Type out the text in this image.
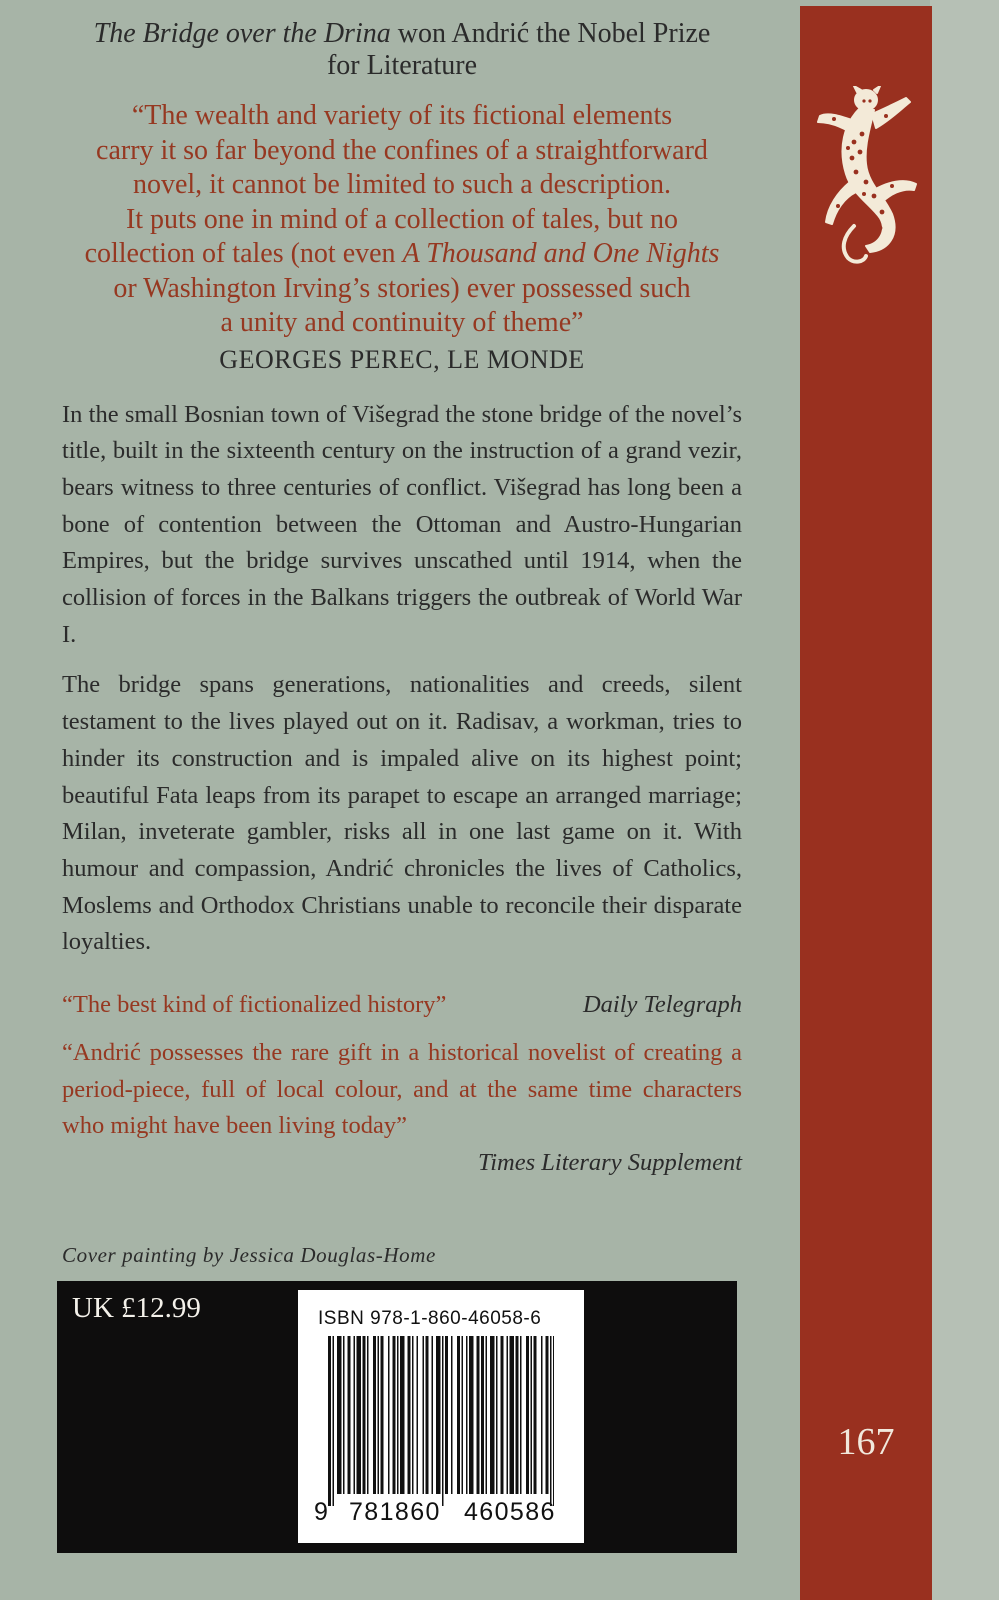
167

The Bridge over the Drina won Andrić the Nobel Prize
for Literature

“The wealth and variety of its fictional elements
carry it so far beyond the confines of a straightforward
novel, it cannot be limited to such a description.
It puts one in mind of a collection of tales, but no
collection of tales (not even A Thousand and One Nights
or Washington Irving’s stories) ever possessed such
a unity and continuity of theme”

GEORGES PEREC, LE MONDE

In the small Bosnian town of Višegrad the stone bridge of the novel’s title, built in the sixteenth century on the instruction of a grand vezir, bears witness to three centuries of conflict. Višegrad has long been a bone of contention between the Ottoman and Austro-Hungarian Empires, but the bridge survives unscathed until 1914, when the collision of forces in the Balkans triggers the outbreak of World War I.

The bridge spans generations, nationalities and creeds, silent testament to the lives played out on it. Radisav, a workman, tries to hinder its construction and is impaled alive on its highest point; beautiful Fata leaps from its parapet to escape an arranged marriage; Milan, inveterate gambler, risks all in one last game on it. With humour and compassion, Andrić chronicles the lives of Catholics, Moslems and Orthodox Christians unable to reconcile their disparate loyalties.

“The best kind of fictionalized history”	Daily Telegraph
“Andrić possesses the rare gift in a historical novelist of creating a period-piece, full of local colour, and at the same time characters who might have been living today”
Times Literary Supplement
Cover painting by Jessica Douglas-Home
UK £12.99	ISBN 978-1-860-46058-6
9 781860 460586
